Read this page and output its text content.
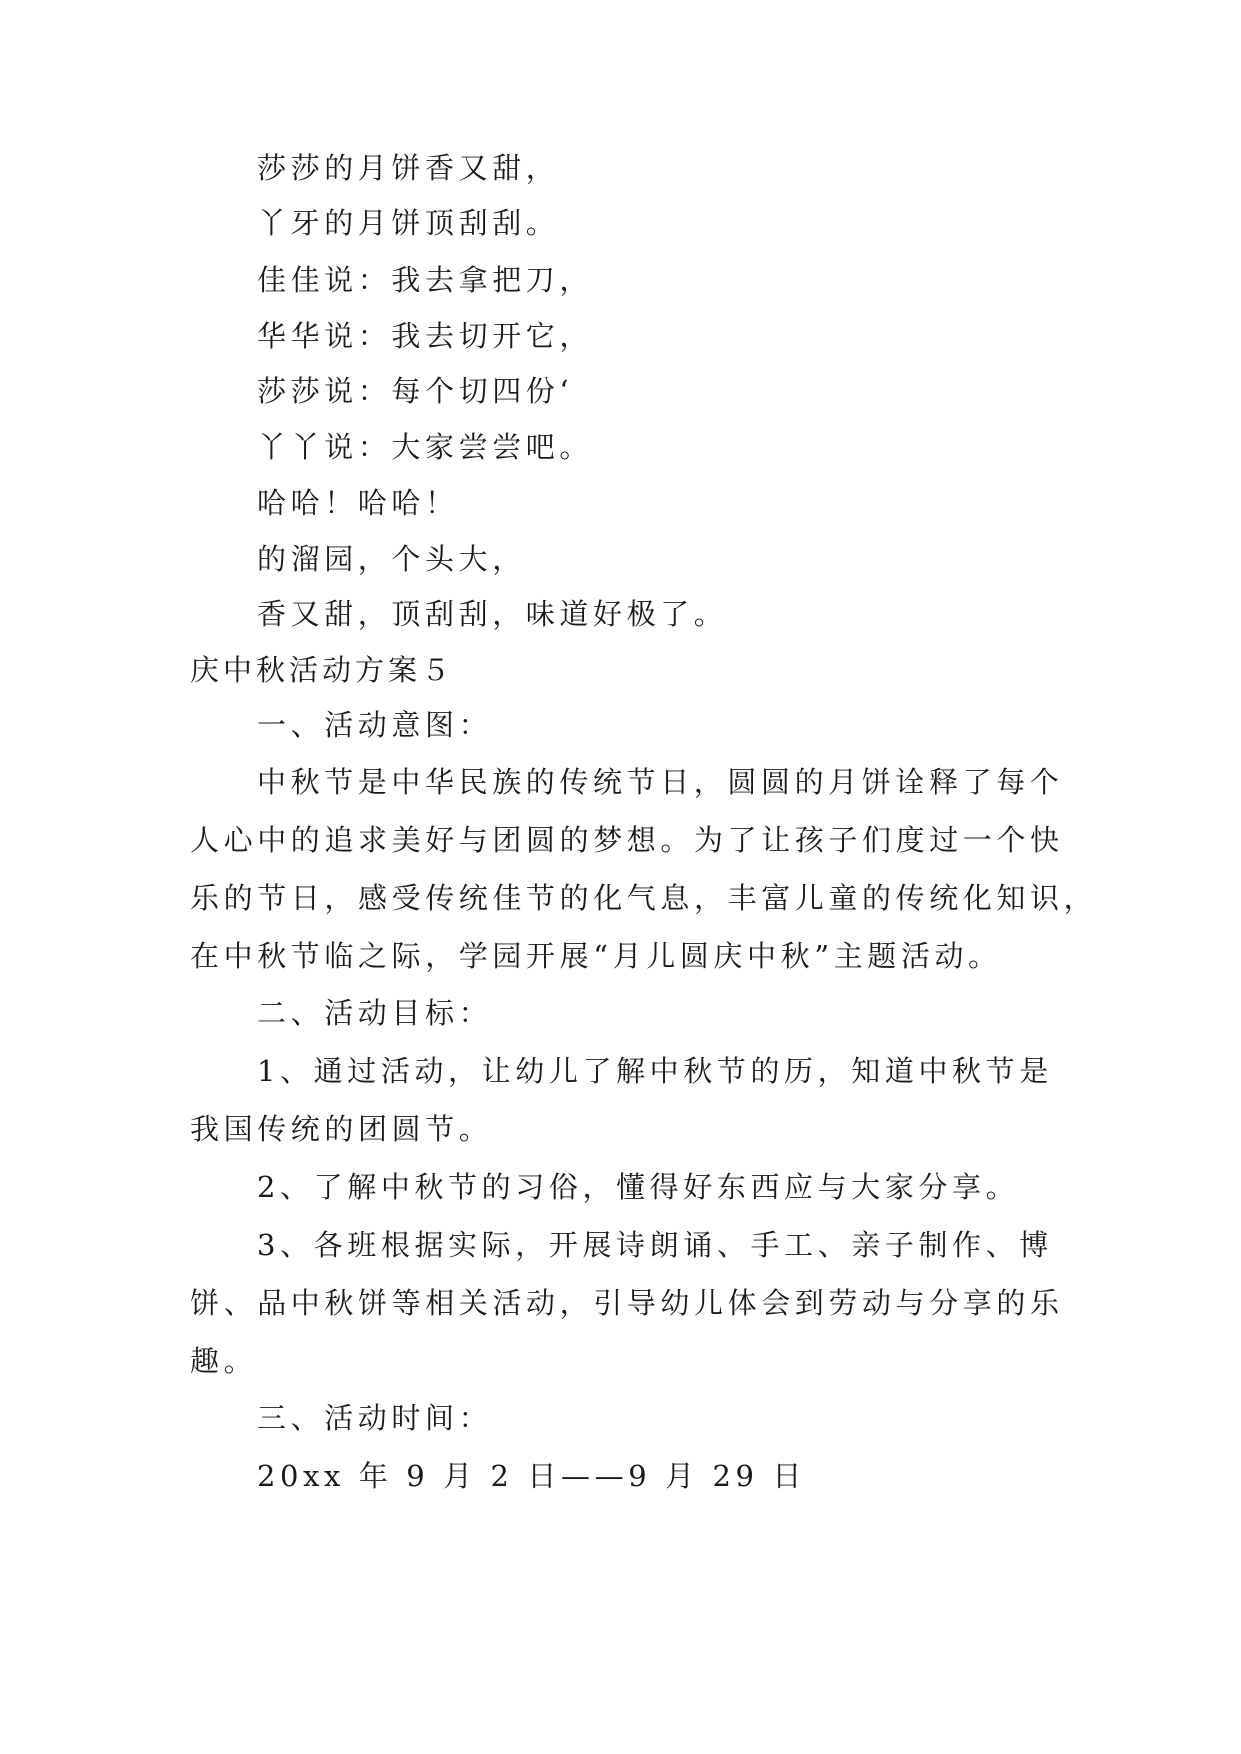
莎莎的月饼香又甜，
丫牙的月饼顶刮刮。
佳佳说：我去拿把刀，
华华说：我去切开它，
莎莎说：每个切四份‘
丫丫说：大家尝尝吧。
哈哈！哈哈！
的溜园，个头大，
香又甜，顶刮刮，味道好极了。
庆中秋活动方案５
一、活动意图：
中秋节是中华民族的传统节日，圆圆的月饼诠释了每个
人心中的追求美好与团圆的梦想。为了让孩子们度过一个快
乐的节日，感受传统佳节的化气息，丰富儿童的传统化知识，
在中秋节临之际，学园开展“月儿圆庆中秋”主题活动。
二、活动目标：
1、通过活动，让幼儿了解中秋节的历，知道中秋节是
我国传统的团圆节。
2、了解中秋节的习俗，懂得好东西应与大家分享。
3、各班根据实际，开展诗朗诵、手工、亲子制作、博
饼、品中秋饼等相关活动，引导幼儿体会到劳动与分享的乐
趣。
三、活动时间：
20xx 年 9 月 2 日——9 月 29 日
